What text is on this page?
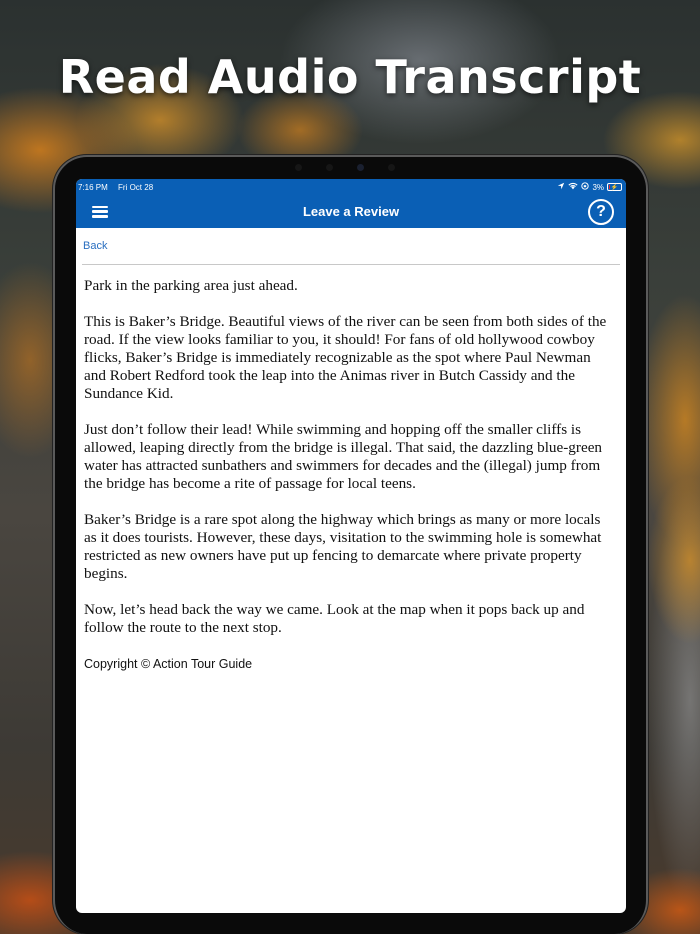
Read Audio Transcript
7:16 PM Fri Oct 28	3% ⚡
Leave a Review	?
Back

Park in the parking area just ahead.

This is Baker’s Bridge. Beautiful views of the river can be seen from both sides of the road. If the view looks familiar to you, it should! For fans of old hollywood cowboy flicks, Baker’s Bridge is immediately recognizable as the spot where Paul Newman and Robert Redford took the leap into the Animas river in Butch Cassidy and the Sundance Kid.

Just don’t follow their lead! While swimming and hopping off the smaller cliffs is allowed, leaping directly from the bridge is illegal. That said, the dazzling blue-green water has attracted sunbathers and swimmers for decades and the (illegal) jump from the bridge has become a rite of passage for local teens.

Baker’s Bridge is a rare spot along the highway which brings as many or more locals as it does tourists. However, these days, visitation to the swimming hole is somewhat restricted as new owners have put up fencing to demarcate where private property begins.

Now, let’s head back the way we came. Look at the map when it pops back up and follow the route to the next stop.

Copyright © Action Tour Guide
